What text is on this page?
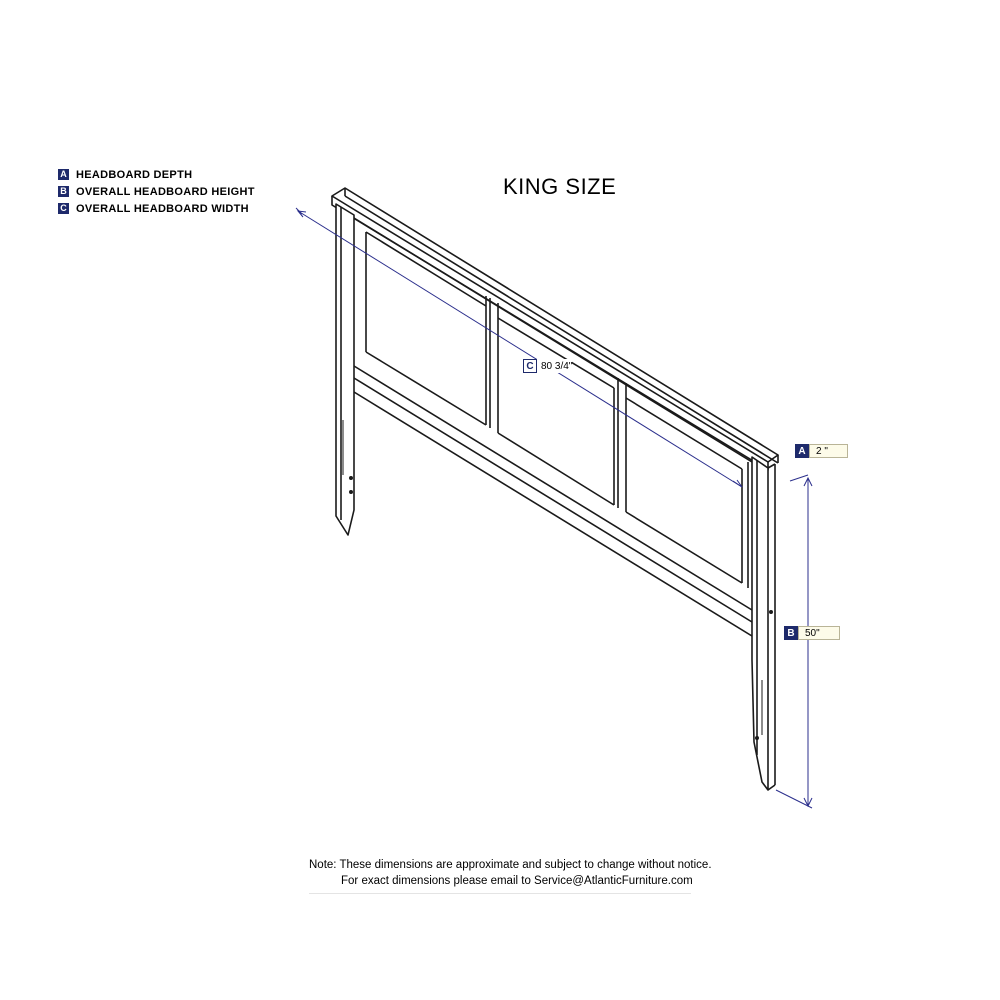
A HEADBOARD DEPTH
B OVERALL HEADBOARD HEIGHT
C OVERALL HEADBOARD WIDTH
KING SIZE
C 80 3/4"
A	2 "
B	50"
Note: These dimensions are approximate and subject to change without notice.
For exact dimensions please email to Service@AtlanticFurniture.com
